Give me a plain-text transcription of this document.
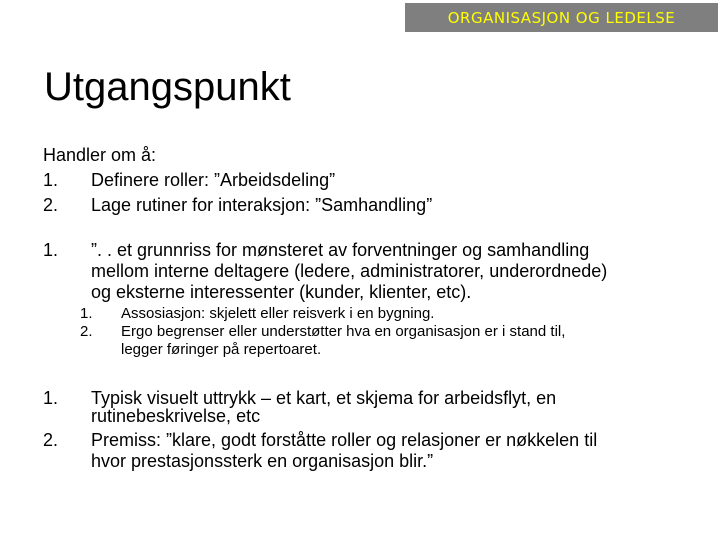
ORGANISASJON OG LEDELSE
Utgangspunkt
Handler om å:
1. Definere roller: ”Arbeidsdeling”
2. Lage rutiner for interaksjon: ”Samhandling”
1. ”. . et grunnriss for mønsteret av forventninger og samhandling
mellom interne deltagere (ledere, administratorer, underordnede)
og eksterne interessenter (kunder, klienter, etc).
1. Assosiasjon: skjelett eller reisverk i en bygning.
2. Ergo begrenser eller understøtter hva en organisasjon er i stand til,
legger føringer på repertoaret.
1. Typisk visuelt uttrykk – et kart, et skjema for arbeidsflyt, en
rutinebeskrivelse, etc
2. Premiss: ”klare, godt forståtte roller og relasjoner er nøkkelen til
hvor prestasjonssterk en organisasjon blir.”
